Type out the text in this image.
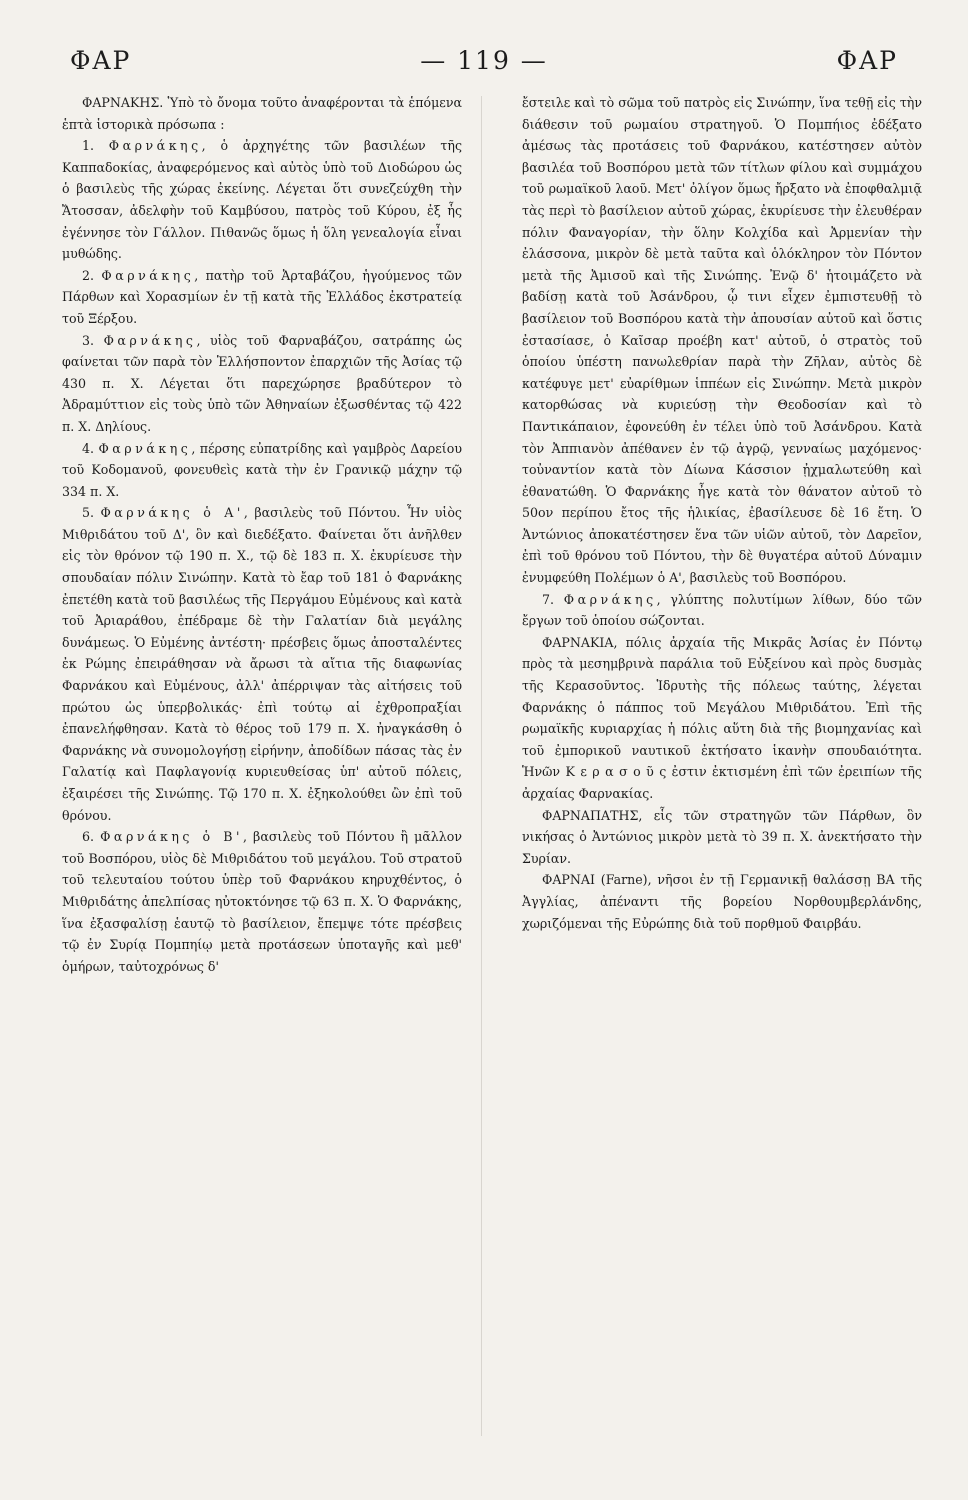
ΦΑΡ	— 119 —	ΦΑΡ

ΦΑΡΝΑΚΗΣ. Ὑπὸ τὸ ὄνομα τοῦτο ἀναφέρονται τὰ ἑπόμενα ἑπτὰ ἱστορικὰ πρόσωπα :

1. Φαρνάκης, ὁ ἀρχηγέτης τῶν βασιλέων τῆς Καππαδοκίας, ἀναφερόμενος καὶ αὐτὸς ὑπὸ τοῦ Διοδώρου ὡς ὁ βασιλεὺς τῆς χώρας ἐκείνης. Λέγεται ὅτι συνεζεύχθη τὴν Ἄτοσσαν, ἀδελφὴν τοῦ Καμβύσου, πατρὸς τοῦ Κύρου, ἐξ ἧς ἐγέννησε τὸν Γάλλον. Πιθανῶς ὅμως ἡ ὅλη γενεαλογία εἶναι μυθώδης.

2. Φαρνάκης, πατὴρ τοῦ Ἀρταβάζου, ἡγούμενος τῶν Πάρθων καὶ Χορασμίων ἐν τῇ κατὰ τῆς Ἑλλάδος ἐκστρατείᾳ τοῦ Ξέρξου.

3. Φαρνάκης, υἱὸς τοῦ Φαρναβάζου, σατράπης ὡς φαίνεται τῶν παρὰ τὸν Ἑλλήσποντον ἐπαρχιῶν τῆς Ἀσίας τῷ 430 π. Χ. Λέγεται ὅτι παρεχώρησε βραδύτερον τὸ Ἀδραμύττιον εἰς τοὺς ὑπὸ τῶν Ἀθηναίων ἐξωσθέντας τῷ 422 π. Χ. Δηλίους.

4. Φαρνάκης, πέρσης εὐπατρίδης καὶ γαμβρὸς Δαρείου τοῦ Κοδομανοῦ, φονευθεὶς κατὰ τὴν ἐν Γρανικῷ μάχην τῷ 334 π. Χ.

5. Φαρνάκης ὁ Α', βασιλεὺς τοῦ Πόντου. Ἦν υἱὸς Μιθριδάτου τοῦ Δ', ὃν καὶ διεδέξατο. Φαίνεται ὅτι ἀνῆλθεν εἰς τὸν θρόνον τῷ 190 π. Χ., τῷ δὲ 183 π. Χ. ἐκυρίευσε τὴν σπουδαίαν πόλιν Σινώπην. Κατὰ τὸ ἔαρ τοῦ 181 ὁ Φαρνάκης ἐπετέθη κατὰ τοῦ βασιλέως τῆς Περγάμου Εὐμένους καὶ κατὰ τοῦ Ἀριαράθου, ἐπέδραμε δὲ τὴν Γαλατίαν διὰ μεγάλης δυνάμεως. Ὁ Εὐμένης ἀντέστη· πρέσβεις ὅμως ἀποσταλέντες ἐκ Ρώμης ἐπειράθησαν νὰ ἄρωσι τὰ αἴτια τῆς διαφωνίας Φαρνάκου καὶ Εὐμένους, ἀλλ' ἀπέρριψαν τὰς αἰτήσεις τοῦ πρώτου ὡς ὑπερβολικάς· ἐπὶ τούτῳ αἱ ἐχθροπραξίαι ἐπανελήφθησαν. Κατὰ τὸ θέρος τοῦ 179 π. Χ. ἠναγκάσθη ὁ Φαρνάκης νὰ συνομολογήσῃ εἰρήνην, ἀποδίδων πάσας τὰς ἐν Γαλατίᾳ καὶ Παφλαγονίᾳ κυριευθείσας ὑπ' αὐτοῦ πόλεις, ἐξαιρέσει τῆς Σινώπης. Τῷ 170 π. Χ. ἐξηκολούθει ὢν ἐπὶ τοῦ θρόνου.

6. Φαρνάκης ὁ Β', βασιλεὺς τοῦ Πόντου ἢ μᾶλλον τοῦ Βοσπόρου, υἱὸς δὲ Μιθριδάτου τοῦ μεγάλου. Τοῦ στρατοῦ τοῦ τελευταίου τούτου ὑπὲρ τοῦ Φαρνάκου κηρυχθέντος, ὁ Μιθριδάτης ἀπελπίσας ηὐτοκτόνησε τῷ 63 π. Χ. Ὁ Φαρνάκης, ἵνα ἐξασφαλίσῃ ἑαυτῷ τὸ βασίλειον, ἔπεμψε τότε πρέσβεις τῷ ἐν Συρίᾳ Πομπηίῳ μετὰ προτάσεων ὑποταγῆς καὶ μεθ' ὁμήρων, ταὐτοχρόνως δ'

ἔστειλε καὶ τὸ σῶμα τοῦ πατρὸς εἰς Σινώπην, ἵνα τεθῇ εἰς τὴν διάθεσιν τοῦ ρωμαίου στρατηγοῦ. Ὁ Πομπήιος ἐδέξατο ἀμέσως τὰς προτάσεις τοῦ Φαρνάκου, κατέστησεν αὐτὸν βασιλέα τοῦ Βοσπόρου μετὰ τῶν τίτλων φίλου καὶ συμμάχου τοῦ ρωμαϊκοῦ λαοῦ. Μετ' ὀλίγον ὅμως ἤρξατο νὰ ἐποφθαλμιᾷ τὰς περὶ τὸ βασίλειον αὐτοῦ χώρας, ἐκυρίευσε τὴν ἐλευθέραν πόλιν Φαναγορίαν, τὴν ὅλην Κολχίδα καὶ Ἀρμενίαν τὴν ἐλάσσονα, μικρὸν δὲ μετὰ ταῦτα καὶ ὁλόκληρον τὸν Πόντον μετὰ τῆς Ἀμισοῦ καὶ τῆς Σινώπης. Ἐνῷ δ' ἡτοιμάζετο νὰ βαδίσῃ κατὰ τοῦ Ἀσάνδρου, ᾧ τινι εἶχεν ἐμπιστευθῇ τὸ βασίλειον τοῦ Βοσπόρου κατὰ τὴν ἀπουσίαν αὐτοῦ καὶ ὅστις ἐστασίασε, ὁ Καῖσαρ προέβη κατ' αὐτοῦ, ὁ στρατὸς τοῦ ὁποίου ὑπέστη πανωλεθρίαν παρὰ τὴν Ζῆλαν, αὐτὸς δὲ κατέφυγε μετ' εὐαρίθμων ἱππέων εἰς Σινώπην. Μετὰ μικρὸν κατορθώσας νὰ κυριεύσῃ τὴν Θεοδοσίαν καὶ τὸ Παντικάπαιον, ἐφονεύθη ἐν τέλει ὑπὸ τοῦ Ἀσάνδρου. Κατὰ τὸν Ἀππιανὸν ἀπέθανεν ἐν τῷ ἀγρῷ, γενναίως μαχόμενος· τοὐναντίον κατὰ τὸν Δίωνα Κάσσιον ᾐχμαλωτεύθη καὶ ἐθανατώθη. Ὁ Φαρνάκης ἦγε κατὰ τὸν θάνατον αὐτοῦ τὸ 50ον περίπου ἔτος τῆς ἡλικίας, ἐβασίλευσε δὲ 16 ἔτη. Ὁ Ἀντώνιος ἀποκατέστησεν ἕνα τῶν υἱῶν αὐτοῦ, τὸν Δαρεῖον, ἐπὶ τοῦ θρόνου τοῦ Πόντου, τὴν δὲ θυγατέρα αὐτοῦ Δύναμιν ἐνυμφεύθη Πολέμων ὁ Α', βασιλεὺς τοῦ Βοσπόρου.

7. Φαρνάκης, γλύπτης πολυτίμων λίθων, δύο τῶν ἔργων τοῦ ὁποίου σώζονται.

ΦΑΡΝΑΚΙΑ, πόλις ἀρχαία τῆς Μικρᾶς Ἀσίας ἐν Πόντῳ πρὸς τὰ μεσημβρινὰ παράλια τοῦ Εὐξείνου καὶ πρὸς δυσμὰς τῆς Κερασοῦντος. Ἱδρυτὴς τῆς πόλεως ταύτης, λέγεται Φαρνάκης ὁ πάππος τοῦ Μεγάλου Μιθριδάτου. Ἐπὶ τῆς ρωμαϊκῆς κυριαρχίας ἡ πόλις αὕτη διὰ τῆς βιομηχανίας καὶ τοῦ ἐμπορικοῦ ναυτικοῦ ἐκτήσατο ἱκανὴν σπουδαιότητα. Ἡνῶν Κ ε ρ α σ ο ῦ ς ἐστιν ἐκτισμένη ἐπὶ τῶν ἐρειπίων τῆς ἀρχαίας Φαρνακίας.

ΦΑΡΝΑΠΑΤΗΣ, εἷς τῶν στρατηγῶν τῶν Πάρθων, ὃν νικήσας ὁ Ἀντώνιος μικρὸν μετὰ τὸ 39 π. Χ. ἀνεκτήσατο τὴν Συρίαν.

ΦΑΡΝΑΙ (Farne), νῆσοι ἐν τῇ Γερμανικῇ θαλάσσῃ ΒΑ τῆς Ἀγγλίας, ἀπέναντι τῆς βορείου Νορθουμβερλάνδης, χωριζόμεναι τῆς Εὐρώπης διὰ τοῦ πορθμοῦ Φαιρβάυ.
